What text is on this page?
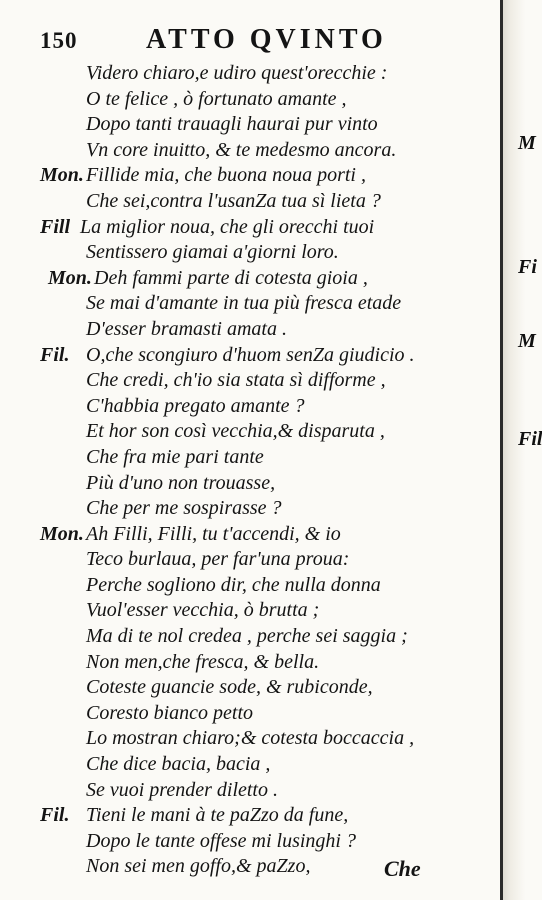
150 ATTO QVINTO
Videro chiaro,e udiro quest'orecchie :
O te felice , ò fortunato amante ,
Dopo tanti trauagli haurai pur vinto
Vn core inuitto, & te medesmo ancora.
Mon. Fillide mia, che buona noua porti ,
Che sei,contra l'usanZa tua sì lieta ?
Fill La miglior noua, che gli orecchi tuoi
Sentissero giamai a'giorni loro.
Mon. Deh fammi parte di cotesta gioia ,
Se mai d'amante in tua più fresca etade
D'esser bramasti amata .
Fil. O,che scongiuro d'huom senZa giudicio .
Che credi, ch'io sia stata sì difforme ,
C'habbia pregato amante ?
Et hor son così vecchia,& disparuta ,
Che fra mie pari tante
Più d'uno non trouasse,
Che per me sospirasse ?
Mon. Ah Filli, Filli, tu t'accendi, & io
Teco burlaua, per far'una proua:
Perche sogliono dir, che nulla donna
Vuol'esser vecchia, ò brutta ;
Ma di te nol credea , perche sei saggia ;
Non men,che fresca, & bella.
Coteste guancie sode, & rubiconde,
Coresto bianco petto
Lo mostran chiaro;& cotesta boccaccia ,
Che dice bacia, bacia ,
Se vuoi prender diletto .
Fil. Tieni le mani à te paZzo da fune,
Dopo le tante offese mi lusinghi ?
Non sei men goffo,& paZzo,	Che
M
Fi
M
Fil
